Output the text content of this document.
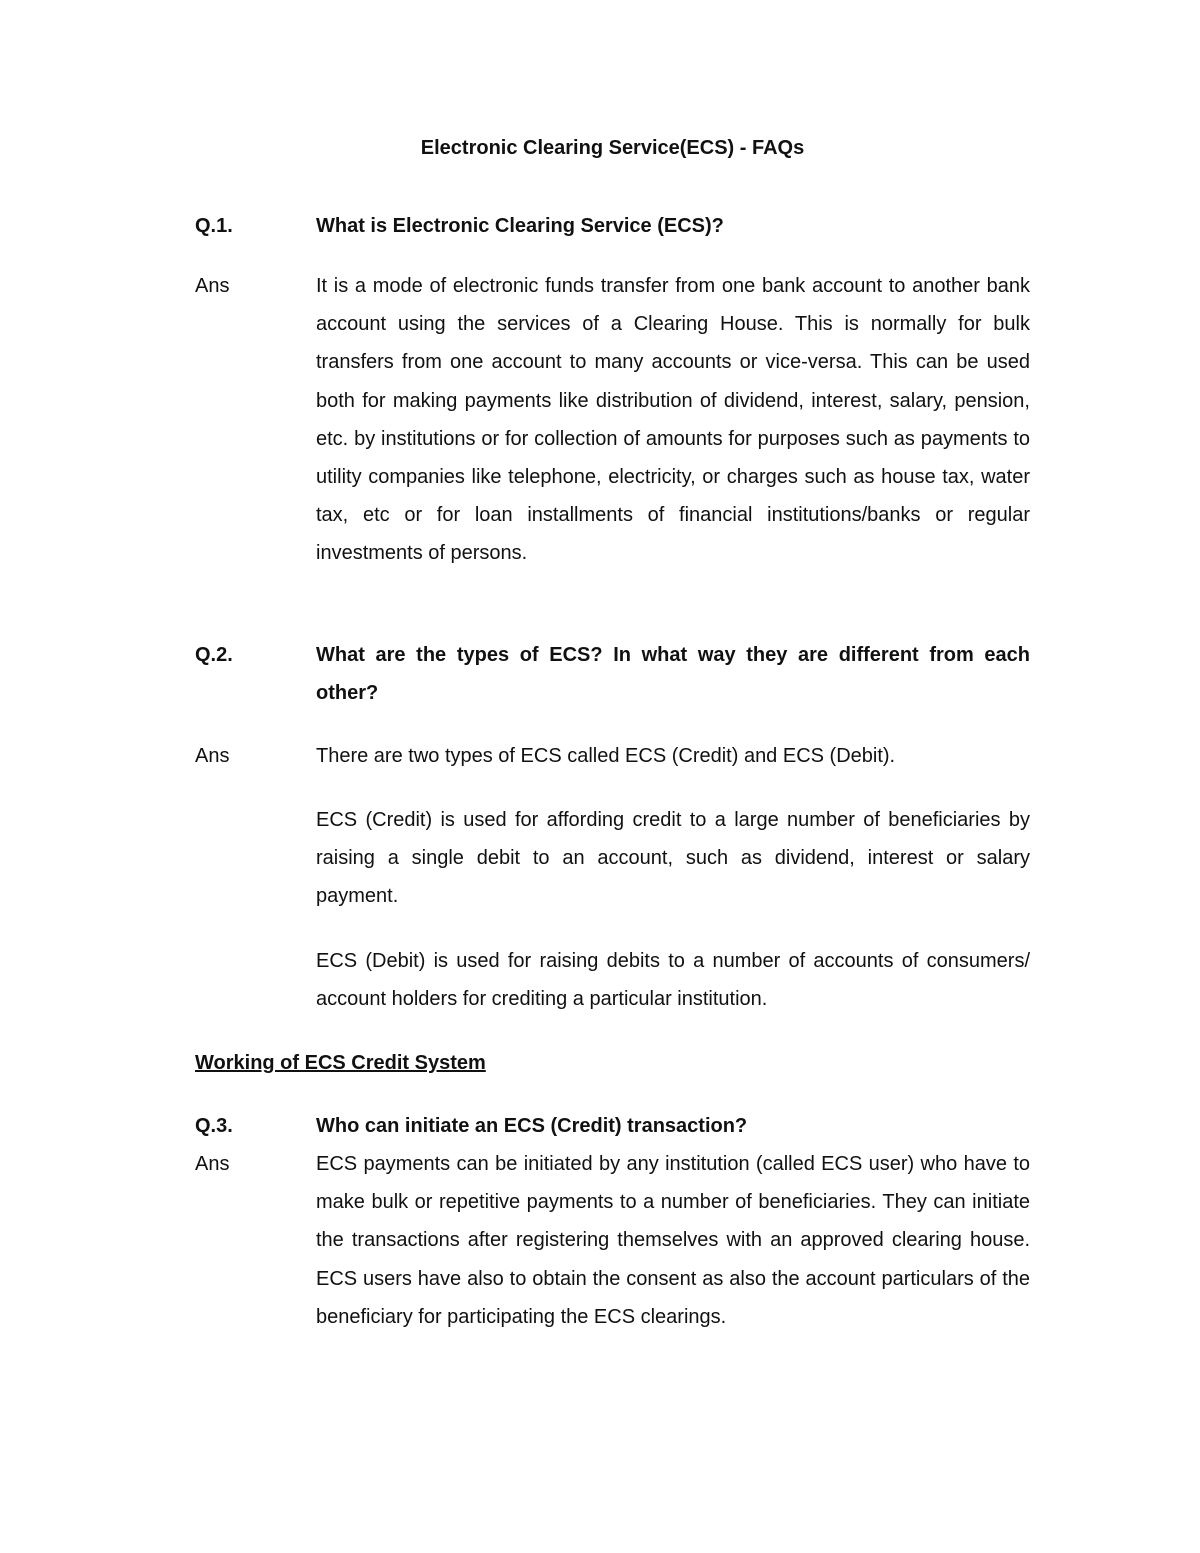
Electronic Clearing Service(ECS) - FAQs
Q.1.	What is Electronic Clearing Service (ECS)?

Ans	It is a mode of electronic funds transfer from one bank account to another bank account using the services of a Clearing House. This is normally for bulk transfers from one account to many accounts or vice-versa. This can be used both for making payments like distribution of dividend, interest, salary, pension, etc. by institutions or for collection of amounts for purposes such as payments to utility companies like telephone, electricity, or charges such as house tax, water tax, etc or for loan installments of financial institutions/banks or regular investments of persons.

Q.2.	What are the types of ECS? In what way they are different from each other?

Ans	There are two types of ECS called ECS (Credit) and ECS (Debit).

ECS (Credit) is used for affording credit to a large number of beneficiaries by raising a single debit to an account, such as dividend, interest or salary payment.

ECS (Debit) is used for raising debits to a number of accounts of consumers/ account holders for crediting a particular institution.

Working of ECS Credit System
Q.3.	Who can initiate an ECS (Credit) transaction?

Ans	ECS payments can be initiated by any institution (called ECS user) who have to make bulk or repetitive payments to a number of beneficiaries. They can initiate the transactions after registering themselves with an approved clearing house. ECS users have also to obtain the consent as also the account particulars of the beneficiary for participating the ECS clearings.
